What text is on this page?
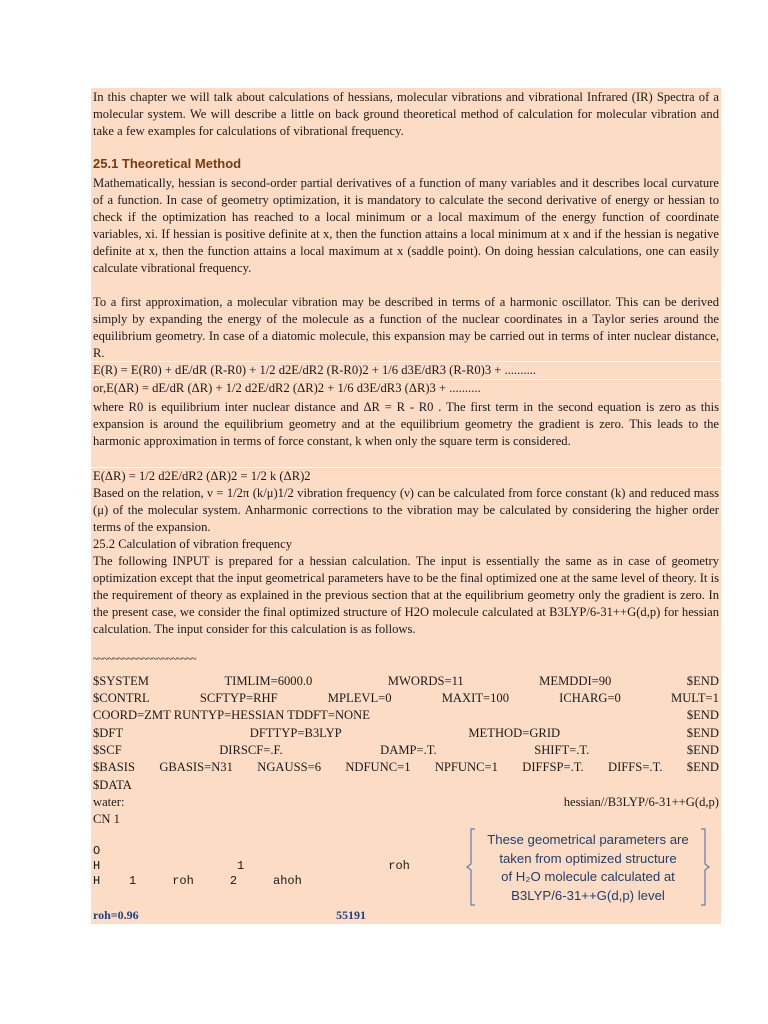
In this chapter we will talk about calculations of hessians, molecular vibrations and vibrational Infrared (IR) Spectra of a molecular system. We will describe a little on back ground theoretical method of calculation for molecular vibration and take a few examples for calculations of vibrational frequency.

25.1 Theoretical Method

Mathematically, hessian is second-order partial derivatives of a function of many variables and it describes local curvature of a function. In case of geometry optimization, it is mandatory to calculate the second derivative of energy or hessian to check if the optimization has reached to a local minimum or a local maximum of the energy function of coordinate variables, xi. If hessian is positive definite at x, then the function attains a local minimum at x and if the hessian is negative definite at x, then the function attains a local maximum at x (saddle point). On doing hessian calculations, one can easily calculate vibrational frequency.

To a first approximation, a molecular vibration may be described in terms of a harmonic oscillator. This can be derived simply by expanding the energy of the molecule as a function of the nuclear coordinates in a Taylor series around the equilibrium geometry. In case of a diatomic molecule, this expansion may be carried out in terms of inter nuclear distance, R.

E(R) = E(R0) + dE/dR (R-R0) + 1/2 d2E/dR2 (R-R0)2 + 1/6 d3E/dR3 (R-R0)3 + ..........
or,E(ΔR) = dE/dR (ΔR) + 1/2 d2E/dR2 (ΔR)2 + 1/6 d3E/dR3 (ΔR)3 + ..........

where R0 is equilibrium inter nuclear distance and ΔR = R - R0 . The first term in the second equation is zero as this expansion is around the equilibrium geometry and at the equilibrium geometry the gradient is zero. This leads to the harmonic approximation in terms of force constant, k when only the square term is considered.

E(ΔR) = 1/2 d2E/dR2 (ΔR)2 = 1/2 k (ΔR)2

Based on the relation, ν = 1/2π (k/μ)1/2 vibration frequency (ν) can be calculated from force constant (k) and reduced mass (μ) of the molecular system. Anharmonic corrections to the vibration may be calculated by considering the higher order terms of the expansion.

25.2 Calculation of vibration frequency

The following INPUT is prepared for a hessian calculation. The input is essentially the same as in case of geometry optimization except that the input geometrical parameters have to be the final optimized one at the same level of theory. It is the requirement of theory as explained in the previous section that at the equilibrium geometry only the gradient is zero. In the present case, we consider the final optimized structure of H2O molecule calculated at B3LYP/6-31++G(d,p) for hessian calculation. The input consider for this calculation is as follows.

~~~~~~~~~~~~~~~~~~~~~

$SYSTEM	TIMLIM=6000.0	MWORDS=11	MEMDDI=90	$END
$CONTRL	SCFTYP=RHF	MPLEVL=0	MAXIT=100	ICHARG=0	MULT=1
COORD=ZMT RUNTYP=HESSIAN TDDFT=NONE	$END
$DFT	DFTTYP=B3LYP	METHOD=GRID	$END
$SCF	DIRSCF=.F.	DAMP=.T.	SHIFT=.T.	$END
$BASIS GBASIS=N31 NGAUSS=6 NDFUNC=1 NPFUNC=1 DIFFSP=.T. DIFFS=.T. $END

$DATA

water:	hessian//B3LYP/6-31++G(d,p)

CN 1

O
H                   1                    roh
H    1     roh     2     ahoh
These geometrical parameters are
taken from optimized structure
of H₂O molecule calculated at
B3LYP/6-31++G(d,p) level
roh=0.96	55191
